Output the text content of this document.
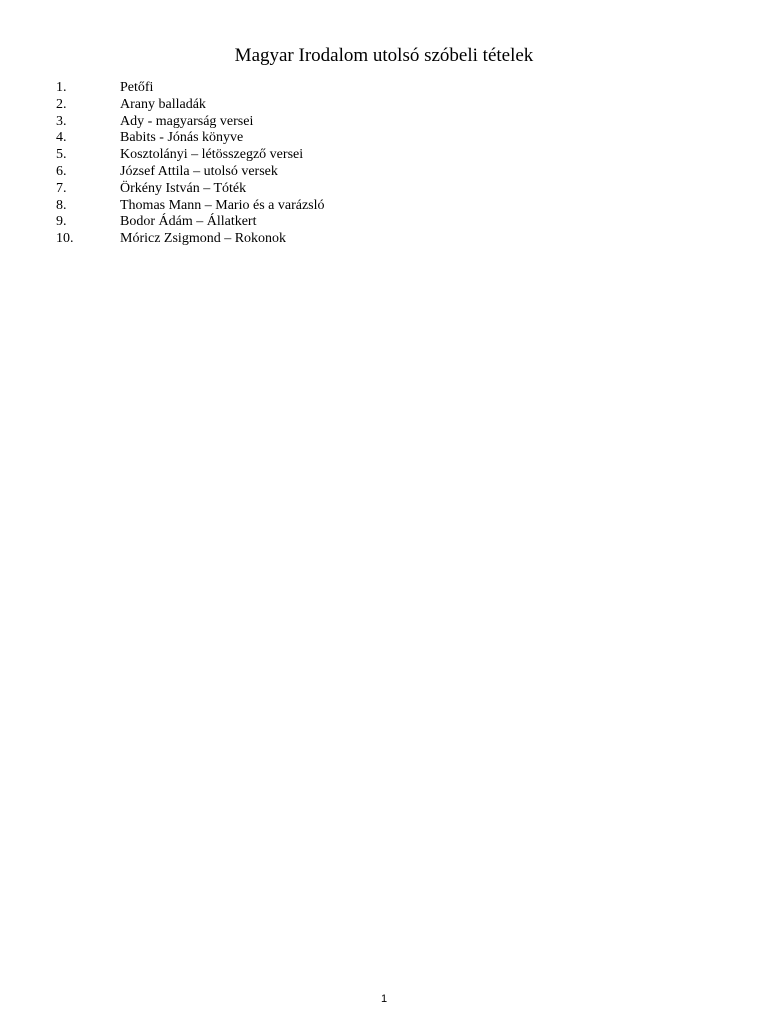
Magyar Irodalom utolsó szóbeli tételek
1.	Petőfi
2.	Arany balladák
3.	Ady - magyarság versei
4.	Babits - Jónás könyve
5.	Kosztolányi – létösszegző versei
6.	József Attila – utolsó versek
7.	Örkény István – Tóték
8.	Thomas Mann – Mario és a varázsló
9.	Bodor Ádám – Állatkert
10.	Móricz Zsigmond – Rokonok
1
